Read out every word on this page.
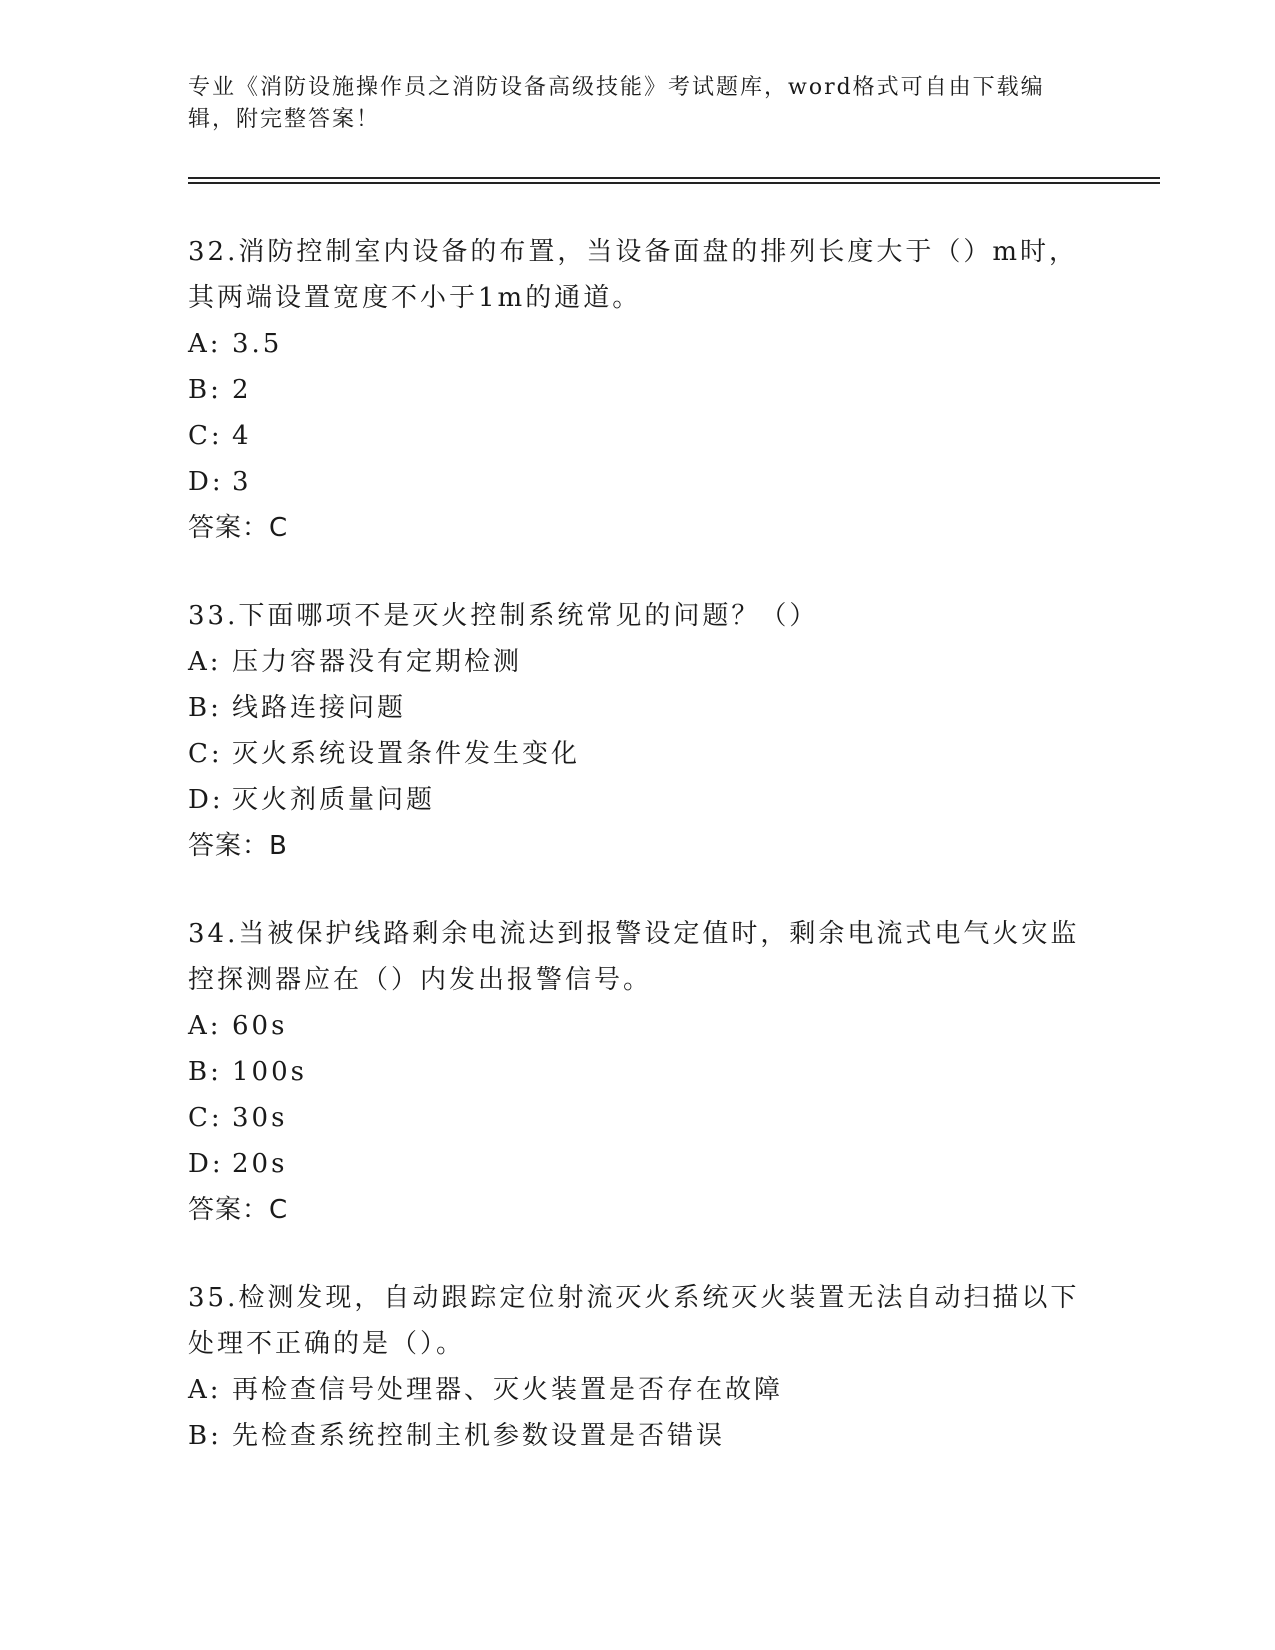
专业《消防设施操作员之消防设备高级技能》考试题库，word格式可自由下载编
辑，附完整答案！
32.消防控制室内设备的布置，当设备面盘的排列长度大于（）m时，
其两端设置宽度不小于1m的通道。
A: 3.5
B: 2
C: 4
D: 3
答案：C
33.下面哪项不是灭火控制系统常见的问题？（）
A: 压力容器没有定期检测
B: 线路连接问题
C: 灭火系统设置条件发生变化
D: 灭火剂质量问题
答案：B
34.当被保护线路剩余电流达到报警设定值时，剩余电流式电气火灾监
控探测器应在（）内发出报警信号。
A: 60s
B: 100s
C: 30s
D: 20s
答案：C
35.检测发现，自动跟踪定位射流灭火系统灭火装置无法自动扫描以下
处理不正确的是（）。
A: 再检查信号处理器、灭火装置是否存在故障
B: 先检查系统控制主机参数设置是否错误
